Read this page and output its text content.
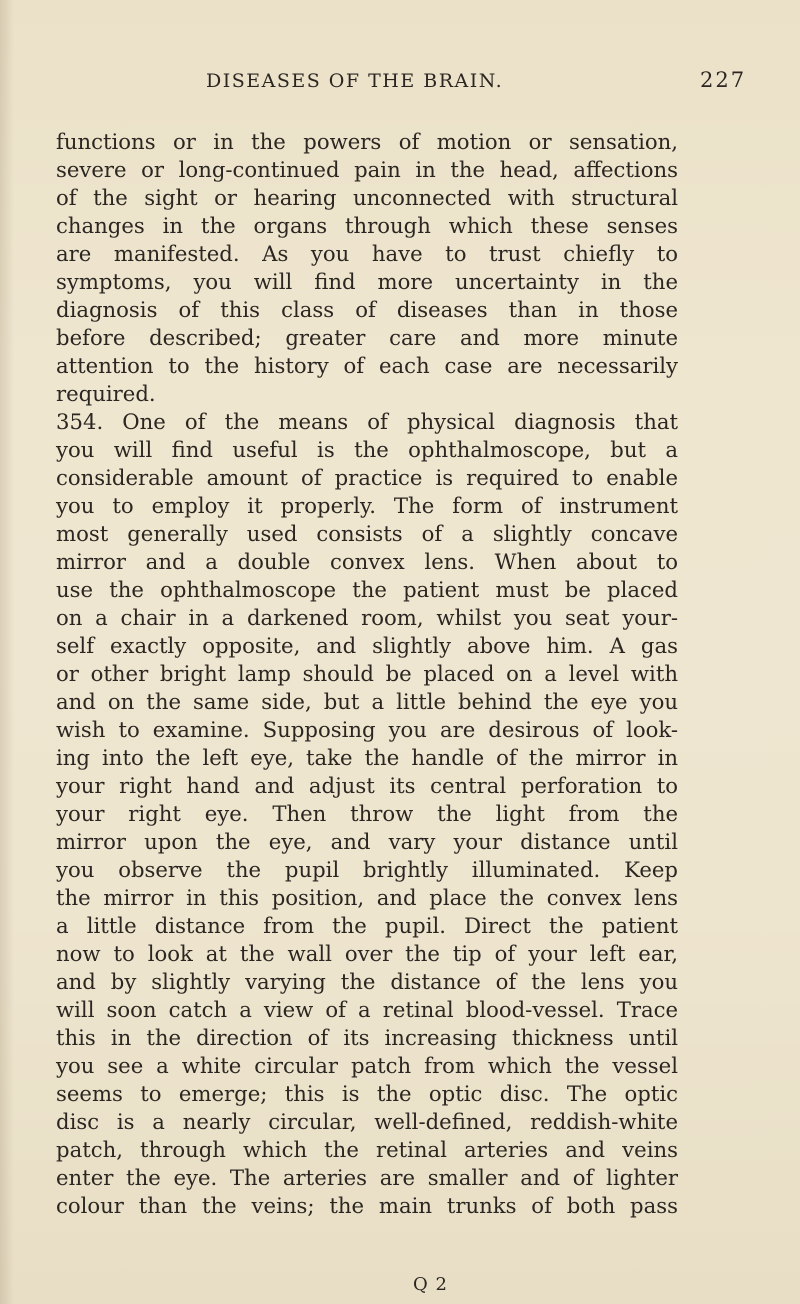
DISEASES OF THE BRAIN.	227
functions or in the powers of motion or sensation,
severe or long-continued pain in the head, affections
of the sight or hearing unconnected with structural
changes in the organs through which these senses
are manifested. As you have to trust chiefly to
symptoms, you will find more uncertainty in the
diagnosis of this class of diseases than in those
before described; greater care and more minute
attention to the history of each case are necessarily
required.
354. One of the means of physical diagnosis that
you will find useful is the ophthalmoscope, but a
considerable amount of practice is required to enable
you to employ it properly. The form of instrument
most generally used consists of a slightly concave
mirror and a double convex lens. When about to
use the ophthalmoscope the patient must be placed
on a chair in a darkened room, whilst you seat your-
self exactly opposite, and slightly above him. A gas
or other bright lamp should be placed on a level with
and on the same side, but a little behind the eye you
wish to examine. Supposing you are desirous of look-
ing into the left eye, take the handle of the mirror in
your right hand and adjust its central perforation to
your right eye. Then throw the light from the
mirror upon the eye, and vary your distance until
you observe the pupil brightly illuminated. Keep
the mirror in this position, and place the convex lens
a little distance from the pupil. Direct the patient
now to look at the wall over the tip of your left ear,
and by slightly varying the distance of the lens you
will soon catch a view of a retinal blood-vessel. Trace
this in the direction of its increasing thickness until
you see a white circular patch from which the vessel
seems to emerge; this is the optic disc. The optic
disc is a nearly circular, well-defined, reddish-white
patch, through which the retinal arteries and veins
enter the eye. The arteries are smaller and of lighter
colour than the veins; the main trunks of both pass
Q 2
